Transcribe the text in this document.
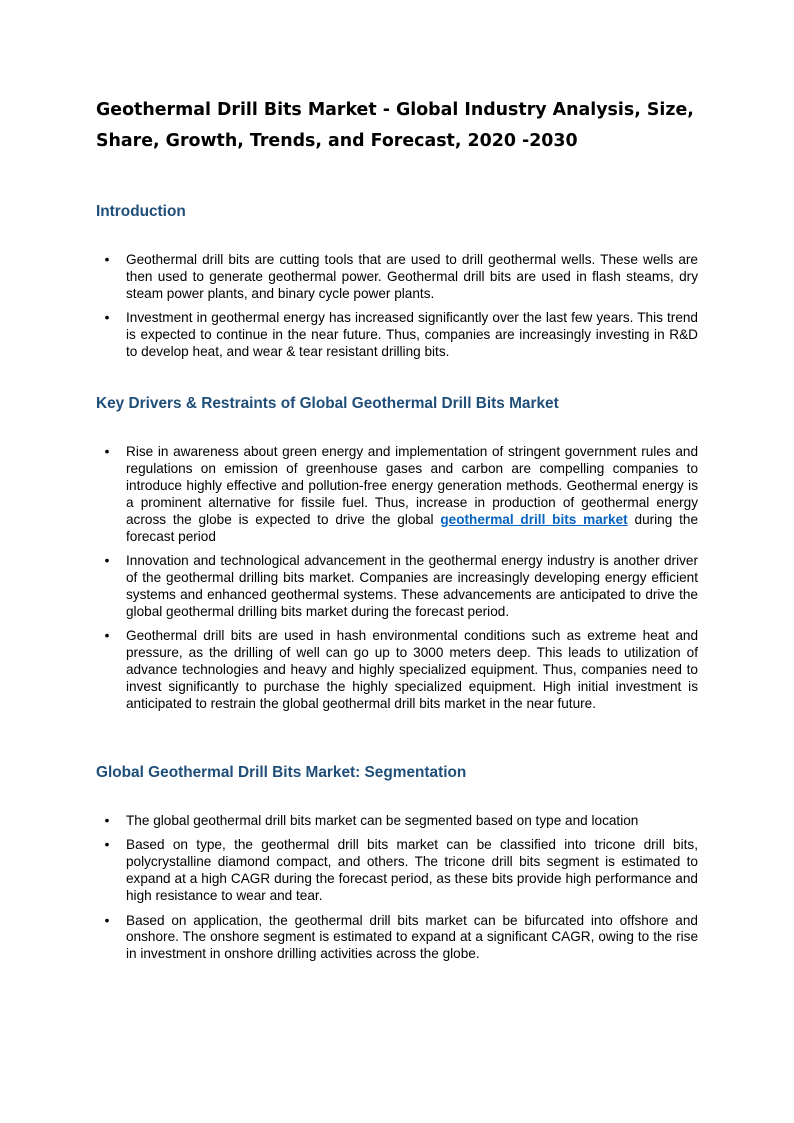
Geothermal Drill Bits Market - Global Industry Analysis, Size, Share, Growth, Trends, and Forecast, 2020 -2030
Introduction
• Geothermal drill bits are cutting tools that are used to drill geothermal wells. These wells are then used to generate geothermal power. Geothermal drill bits are used in flash steams, dry steam power plants, and binary cycle power plants.
• Investment in geothermal energy has increased significantly over the last few years. This trend is expected to continue in the near future. Thus, companies are increasingly investing in R&D to develop heat, and wear & tear resistant drilling bits.
Key Drivers & Restraints of Global Geothermal Drill Bits Market
• Rise in awareness about green energy and implementation of stringent government rules and regulations on emission of greenhouse gases and carbon are compelling companies to introduce highly effective and pollution-free energy generation methods. Geothermal energy is a prominent alternative for fissile fuel. Thus, increase in production of geothermal energy across the globe is expected to drive the global geothermal drill bits market during the forecast period
• Innovation and technological advancement in the geothermal energy industry is another driver of the geothermal drilling bits market. Companies are increasingly developing energy efficient systems and enhanced geothermal systems. These advancements are anticipated to drive the global geothermal drilling bits market during the forecast period.
• Geothermal drill bits are used in hash environmental conditions such as extreme heat and pressure, as the drilling of well can go up to 3000 meters deep. This leads to utilization of advance technologies and heavy and highly specialized equipment. Thus, companies need to invest significantly to purchase the highly specialized equipment. High initial investment is anticipated to restrain the global geothermal drill bits market in the near future.
Global Geothermal Drill Bits Market: Segmentation
• The global geothermal drill bits market can be segmented based on type and location
• Based on type, the geothermal drill bits market can be classified into tricone drill bits, polycrystalline diamond compact, and others. The tricone drill bits segment is estimated to expand at a high CAGR during the forecast period, as these bits provide high performance and high resistance to wear and tear.
• Based on application, the geothermal drill bits market can be bifurcated into offshore and onshore. The onshore segment is estimated to expand at a significant CAGR, owing to the rise in investment in onshore drilling activities across the globe.
